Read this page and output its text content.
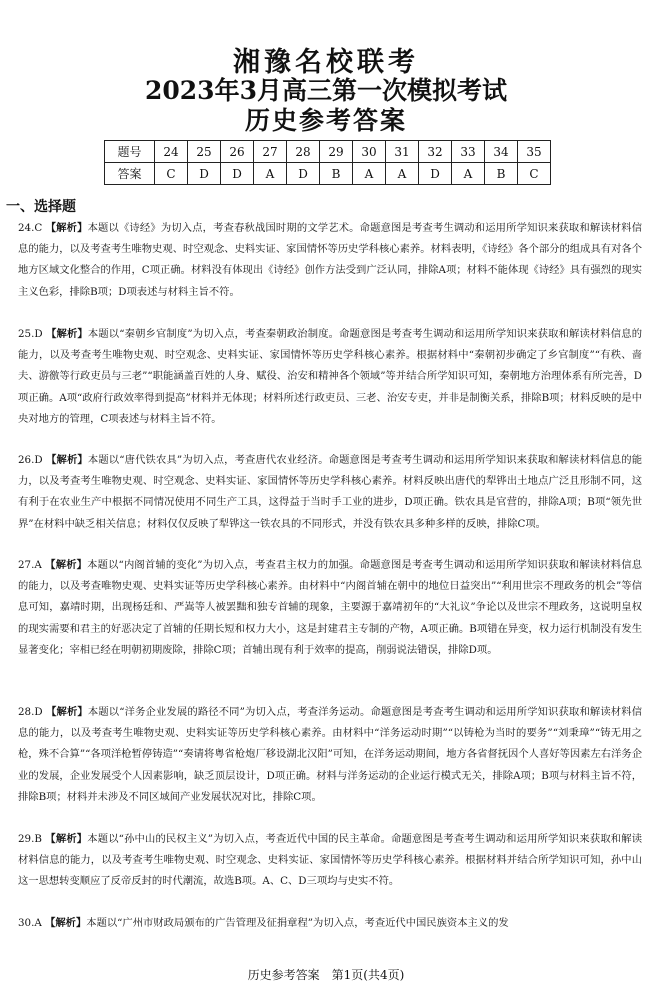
湘豫名校联考
2023年3月高三第一次模拟考试
历史参考答案
题号	24	25	26	27	28	29	30	31	32	33	34	35
答案	C	D	D	A	D	B	A	A	D	A	B	C
一、选择题
24.C 【解析】本题以《诗经》为切入点，考查春秋战国时期的文学艺术。命题意图是考查考生调动和运用所学知识来获取和解读材料信息的能力，以及考查考生唯物史观、时空观念、史料实证、家国情怀等历史学科核心素养。材料表明，《诗经》各个部分的组成具有对各个地方区域文化整合的作用，C项正确。材料没有体现出《诗经》创作方法受到广泛认同，排除A项；材料不能体现《诗经》具有强烈的现实主义色彩，排除B项；D项表述与材料主旨不符。
25.D 【解析】本题以“秦朝乡官制度”为切入点，考查秦朝政治制度。命题意图是考查考生调动和运用所学知识来获取和解读材料信息的能力，以及考查考生唯物史观、时空观念、史料实证、家国情怀等历史学科核心素养。根据材料中“秦朝初步确定了乡官制度”“有秩、啬夫、游徼等行政吏员与三老”“职能涵盖百姓的人身、赋役、治安和精神各个领域”等并结合所学知识可知，秦朝地方治理体系有所完善，D项正确。A项“政府行政效率得到提高”材料并无体现；材料所述行政吏员、三老、治安专吏，并非是制衡关系，排除B项；材料反映的是中央对地方的管理，C项表述与材料主旨不符。
26.D 【解析】本题以“唐代铁农具”为切入点，考查唐代农业经济。命题意图是考查考生调动和运用所学知识来获取和解读材料信息的能力，以及考查考生唯物史观、时空观念、史料实证、家国情怀等历史学科核心素养。材料反映出唐代的犁铧出土地点广泛且形制不同，这有利于在农业生产中根据不同情况使用不同生产工具，这得益于当时手工业的进步，D项正确。铁农具是官营的，排除A项；B项“领先世界”在材料中缺乏相关信息；材料仅仅反映了犁铧这一铁农具的不同形式，并没有铁农具多种多样的反映，排除C项。
27.A 【解析】本题以“内阁首辅的变化”为切入点，考查君主权力的加强。命题意图是考查考生调动和运用所学知识获取和解读材料信息的能力，以及考查唯物史观、史料实证等历史学科核心素养。由材料中“内阁首辅在朝中的地位日益突出”“利用世宗不理政务的机会”等信息可知，嘉靖时期，出现杨廷和、严嵩等人被罢黜和独专首辅的现象，主要源于嘉靖初年的“大礼议”争论以及世宗不理政务，这说明皇权的现实需要和君主的好恶决定了首辅的任期长短和权力大小，这是封建君主专制的产物，A项正确。B项错在异变，权力运行机制没有发生显著变化；宰相已经在明朝初期废除，排除C项；首辅出现有利于效率的提高，削弱说法错误，排除D项。
28.D 【解析】本题以“洋务企业发展的路径不同”为切入点，考查洋务运动。命题意图是考查考生调动和运用所学知识获取和解读材料信息的能力，以及考查考生唯物史观、史料实证等历史学科核心素养。由材料中“洋务运动时期”“以铸枪为当时的要务”“刘秉璋”“铸无用之枪，殊不合算”“各项洋枪暂停铸造”“奏请将粤省枪炮厂移设湖北汉阳”可知，在洋务运动期间，地方各省督抚因个人喜好等因素左右洋务企业的发展，企业发展受个人因素影响，缺乏顶层设计，D项正确。材料与洋务运动的企业运行模式无关，排除A项；B项与材料主旨不符，排除B项；材料并未涉及不同区域间产业发展状况对比，排除C项。
29.B 【解析】本题以“孙中山的民权主义”为切入点，考查近代中国的民主革命。命题意图是考查考生调动和运用所学知识来获取和解读材料信息的能力，以及考查考生唯物史观、时空观念、史料实证、家国情怀等历史学科核心素养。根据材料并结合所学知识可知，孙中山这一思想转变顺应了反帝反封的时代潮流，故选B项。A、C、D三项均与史实不符。
30.A 【解析】本题以“广州市财政局颁布的广告管理及征捐章程”为切入点，考查近代中国民族资本主义的发
历史参考答案　第1页(共4页)
